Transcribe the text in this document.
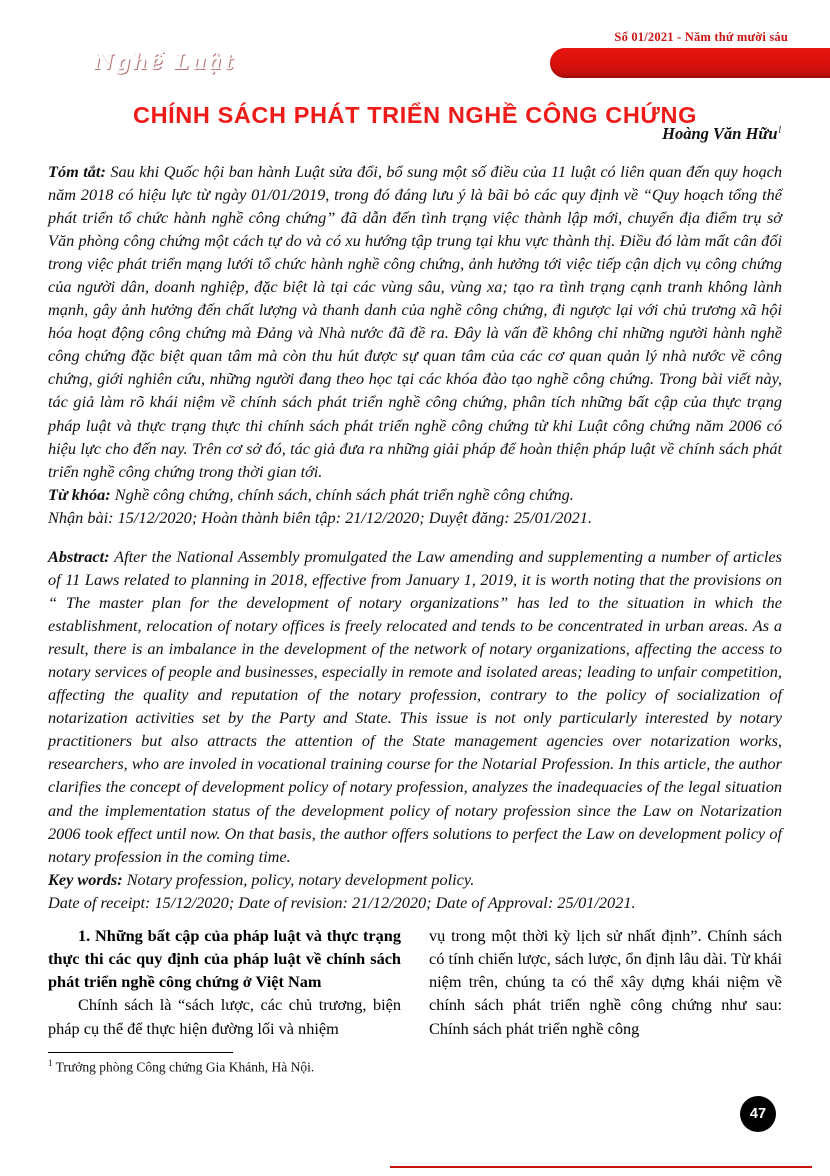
Số 01/2021 - Năm thứ mười sáu
Nghề Luật
CHÍNH SÁCH PHÁT TRIỂN NGHỀ CÔNG CHỨNG
Hoàng Văn Hữu$^1$

Tóm tắt: Sau khi Quốc hội ban hành Luật sửa đổi, bổ sung một số điều của 11 luật có liên quan đến quy hoạch năm 2018 có hiệu lực từ ngày 01/01/2019, trong đó đáng lưu ý là bãi bỏ các quy định về “Quy hoạch tổng thể phát triển tổ chức hành nghề công chứng” đã dẫn đến tình trạng việc thành lập mới, chuyển địa điểm trụ sở Văn phòng công chứng một cách tự do và có xu hướng tập trung tại khu vực thành thị. Điều đó làm mất cân đối trong việc phát triển mạng lưới tổ chức hành nghề công chứng, ảnh hưởng tới việc tiếp cận dịch vụ công chứng của người dân, doanh nghiệp, đặc biệt là tại các vùng sâu, vùng xa; tạo ra tình trạng cạnh tranh không lành mạnh, gây ảnh hưởng đến chất lượng và thanh danh của nghề công chứng, đi ngược lại với chủ trương xã hội hóa hoạt động công chứng mà Đảng và Nhà nước đã đề ra. Đây là vấn đề không chỉ những người hành nghề công chứng đặc biệt quan tâm mà còn thu hút được sự quan tâm của các cơ quan quản lý nhà nước về công chứng, giới nghiên cứu, những người đang theo học tại các khóa đào tạo nghề công chứng. Trong bài viết này, tác giả làm rõ khái niệm về chính sách phát triển nghề công chứng, phân tích những bất cập của thực trạng pháp luật và thực trạng thực thi chính sách phát triển nghề công chứng từ khi Luật công chứng năm 2006 có hiệu lực cho đến nay. Trên cơ sở đó, tác giả đưa ra những giải pháp để hoàn thiện pháp luật về chính sách phát triển nghề công chứng trong thời gian tới.

Từ khóa: Nghề công chứng, chính sách, chính sách phát triển nghề công chứng.

Nhận bài: 15/12/2020; Hoàn thành biên tập: 21/12/2020; Duyệt đăng: 25/01/2021.

Abstract: After the National Assembly promulgated the Law amending and supplementing a number of articles of 11 Laws related to planning in 2018, effective from January 1, 2019, it is worth noting that the provisions on “ The master plan for the development of notary organizations” has led to the situation in which the establishment, relocation of notary offices is freely relocated and tends to be concentrated in urban areas. As a result, there is an imbalance in the development of the network of notary organizations, affecting the access to notary services of people and businesses, especially in remote and isolated areas; leading to unfair competition, affecting the quality and reputation of the notary profession, contrary to the policy of socialization of notarization activities set by the Party and State. This issue is not only particularly interested by notary practitioners but also attracts the attention of the State management agencies over notarization works, researchers, who are involed in vocational training course for the Notarial Profession. In this article, the author clarifies the concept of development policy of notary profession, analyzes the inadequacies of the legal situation and the implementation status of the development policy of notary profession since the Law on Notarization 2006 took effect until now. On that basis, the author offers solutions to perfect the Law on development policy of notary profession in the coming time.

Key words: Notary profession, policy, notary development policy.

Date of receipt: 15/12/2020; Date of revision: 21/12/2020; Date of Approval: 25/01/2021.

1. Những bất cập của pháp luật và thực trạng thực thi các quy định của pháp luật về chính sách phát triển nghề công chứng ở Việt Nam

Chính sách là “sách lược, các chủ trương, biện pháp cụ thể để thực hiện đường lối và nhiệm

vụ trong một thời kỳ lịch sử nhất định”. Chính sách có tính chiến lược, sách lược, ổn định lâu dài. Từ khái niệm trên, chúng ta có thể xây dựng khái niệm về chính sách phát triển nghề công chứng như sau: Chính sách phát triển nghề công

$^1$ Trưởng phòng Công chứng Gia Khánh, Hà Nội.
47
